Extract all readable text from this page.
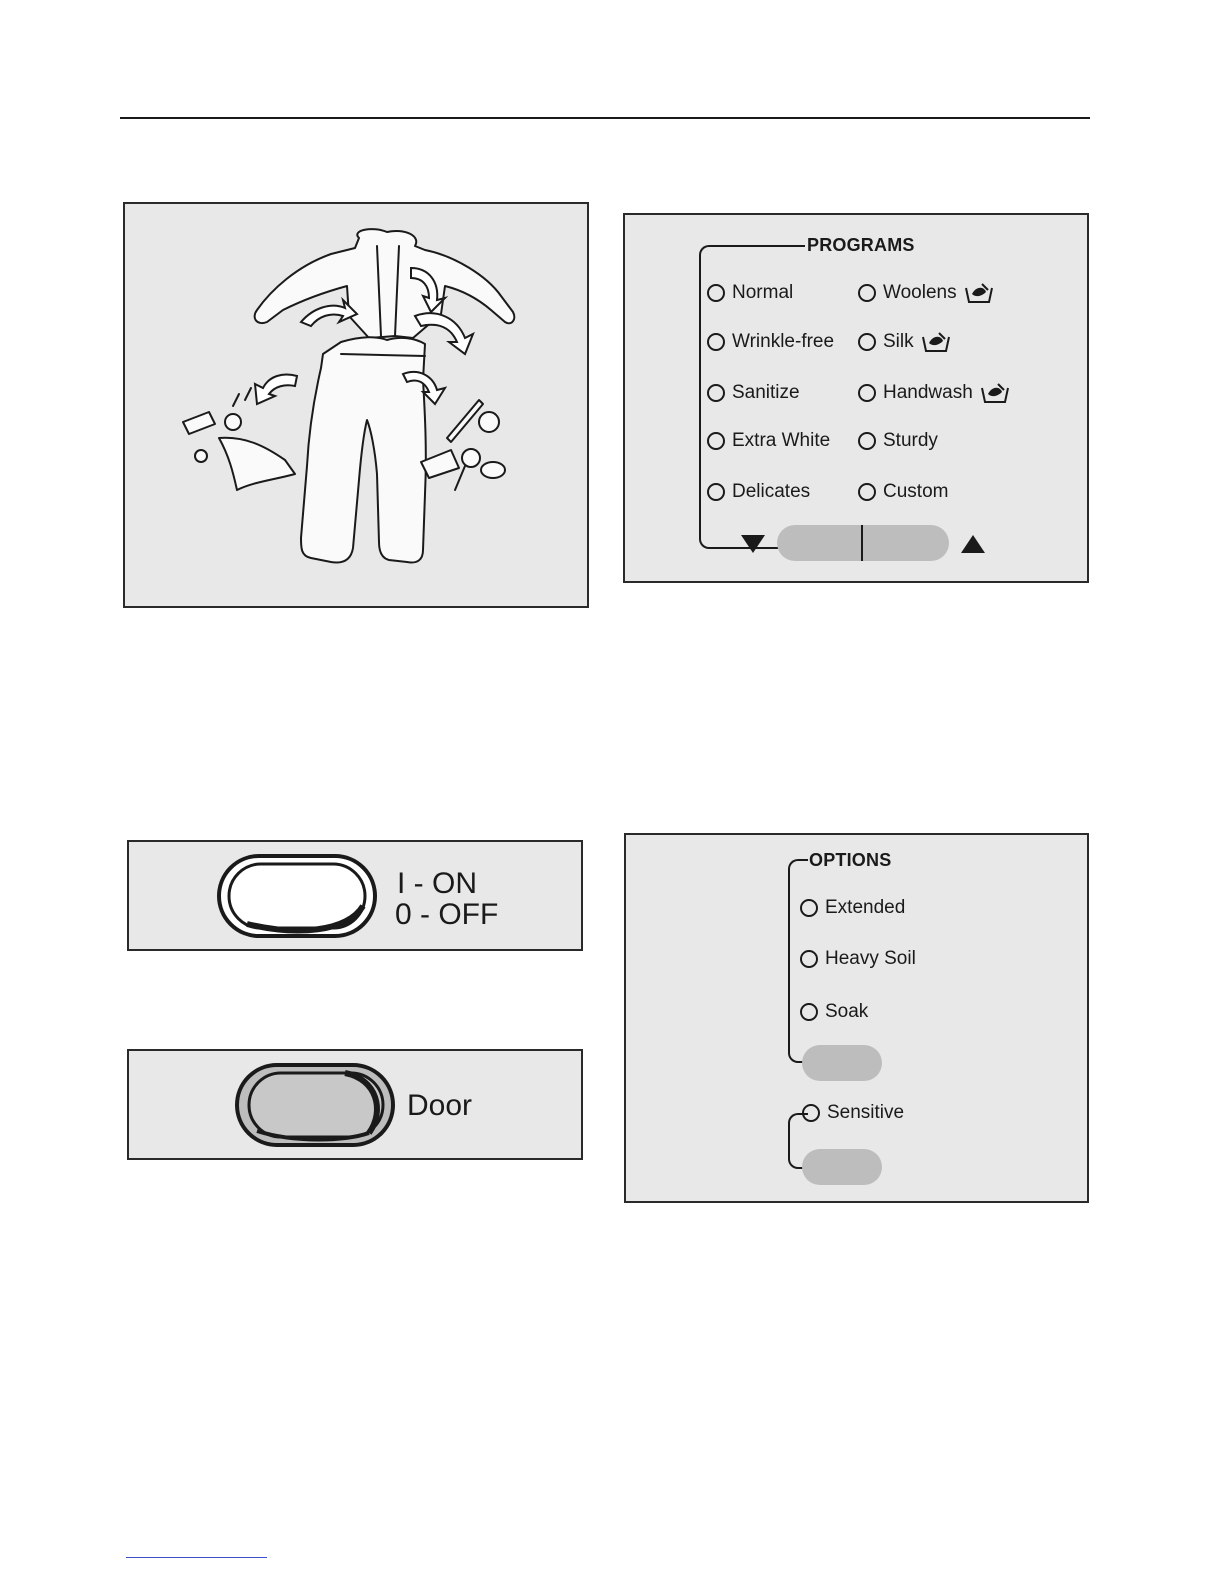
PROGRAMS
Normal	Woolens
Wrinkle-free	Silk
Sanitize	Handwash
Extra White	Sturdy
Delicates	Custom
I - ON
0 - OFF
Door
OPTIONS
Extended
Heavy Soil
Soak
Sensitive
